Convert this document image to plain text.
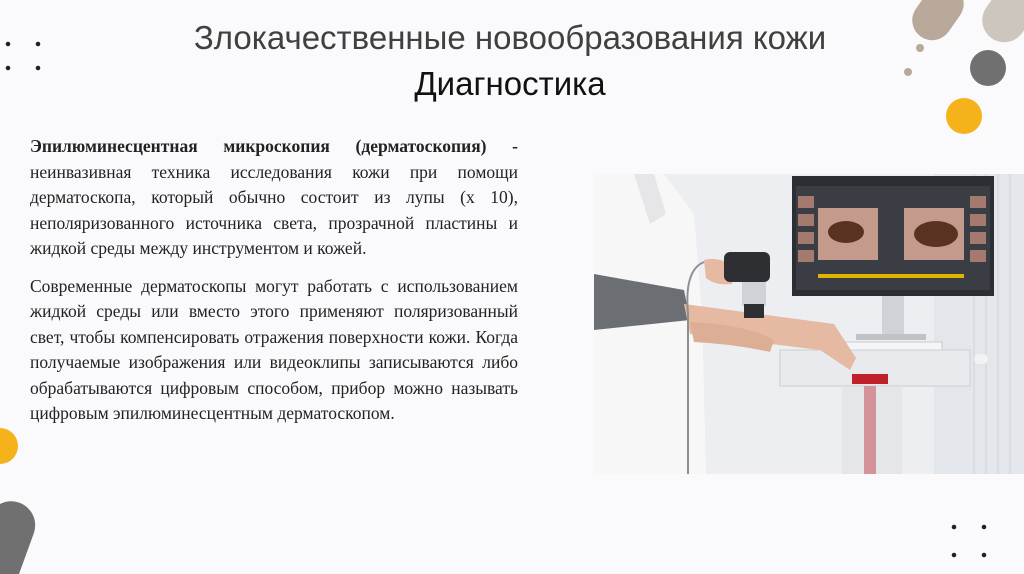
Злокачественные новообразования кожи
Диагностика

Эпилюминесцентная микроскопия (дерматоскопия) - неинвазивная техника исследования кожи при помощи дерматоскопа, который обычно состоит из лупы (х 10), неполяризованного источника света, прозрачной пластины и жидкой среды между инструментом и кожей.

Современные дерматоскопы могут работать с использованием жидкой среды или вместо этого применяют поляризованный свет, чтобы компенсировать отражения поверхности кожи. Когда получаемые изображения или видеоклипы записываются либо обрабатываются цифровым способом, прибор можно называть цифровым эпилюминесцентным дерматоскопом.
